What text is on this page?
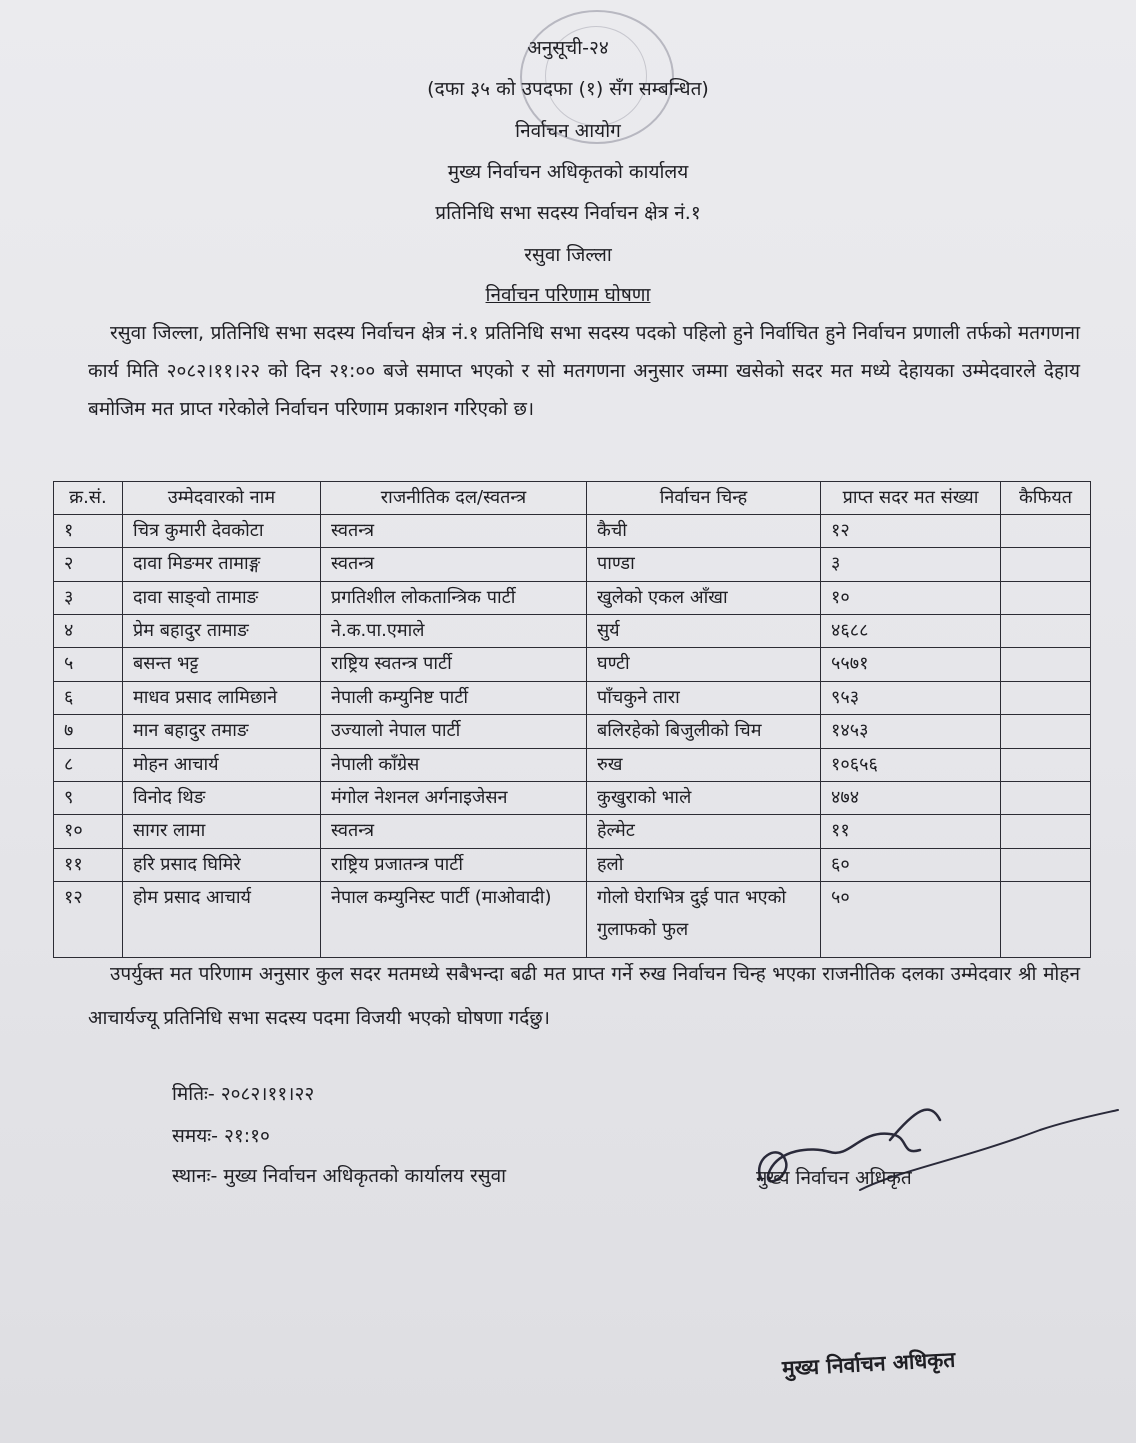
अनुसूची-२४
(दफा ३५ को उपदफा (१) सँग सम्बन्धित)
निर्वाचन आयोग
मुख्य निर्वाचन अधिकृतको कार्यालय
प्रतिनिधि सभा सदस्य निर्वाचन क्षेत्र नं.१
रसुवा जिल्ला
निर्वाचन परिणाम घोषणा

रसुवा जिल्ला, प्रतिनिधि सभा सदस्य निर्वाचन क्षेत्र नं.१ प्रतिनिधि सभा सदस्य पदको पहिलो हुने निर्वाचित हुने निर्वाचन प्रणाली तर्फको मतगणना कार्य मिति २०८२।११।२२ को दिन २१:०० बजे समाप्त भएको र सो मतगणना अनुसार जम्मा खसेको सदर मत मध्ये देहायका उम्मेदवारले देहाय बमोजिम मत प्राप्त गरेकोले निर्वाचन परिणाम प्रकाशन गरिएको छ।

क्र.सं.	उम्मेदवारको नाम	राजनीतिक दल/स्वतन्त्र	निर्वाचन चिन्ह	प्राप्त सदर मत संख्या	कैफियत
१	चित्र कुमारी देवकोटा	स्वतन्त्र	कैची	१२	
२	दावा मिङमर तामाङ्ग	स्वतन्त्र	पाण्डा	३	
३	दावा साङ्वो तामाङ	प्रगतिशील लोकतान्त्रिक पार्टी	खुलेको एकल आँखा	१०	
४	प्रेम बहादुर तामाङ	ने.क.पा.एमाले	सुर्य	४६८८	
५	बसन्त भट्ट	राष्ट्रिय स्वतन्त्र पार्टी	घण्टी	५५७१	
६	माधव प्रसाद लामिछाने	नेपाली कम्युनिष्ट पार्टी	पाँचकुने तारा	९५३	
७	मान बहादुर तमाङ	उज्यालो नेपाल पार्टी	बलिरहेको बिजुलीको चिम	१४५३	
८	मोहन आचार्य	नेपाली काँग्रेस	रुख	१०६५६	
९	विनोद थिङ	मंगोल नेशनल अर्गनाइजेसन	कुखुराको भाले	४७४	
१०	सागर लामा	स्वतन्त्र	हेल्मेट	११	
११	हरि प्रसाद घिमिरे	राष्ट्रिय प्रजातन्त्र पार्टी	हलो	६०	
१२	होम प्रसाद आचार्य	नेपाल कम्युनिस्ट पार्टी (माओवादी)	गोलो घेराभित्र दुई पात भएको गुलाफको फुल	५०	

उपर्युक्त मत परिणाम अनुसार कुल सदर मतमध्ये सबैभन्दा बढी मत प्राप्त गर्ने रुख निर्वाचन चिन्ह भएका राजनीतिक दलका उम्मेदवार श्री मोहन आचार्यज्यू प्रतिनिधि सभा सदस्य पदमा विजयी भएको घोषणा गर्दछु।

मितिः- २०८२।११।२२
समयः- २१:१०
स्थानः- मुख्य निर्वाचन अधिकृतको कार्यालय रसुवा	मुख्य निर्वाचन अधिकृत
मुख्य निर्वाचन अधिकृत
